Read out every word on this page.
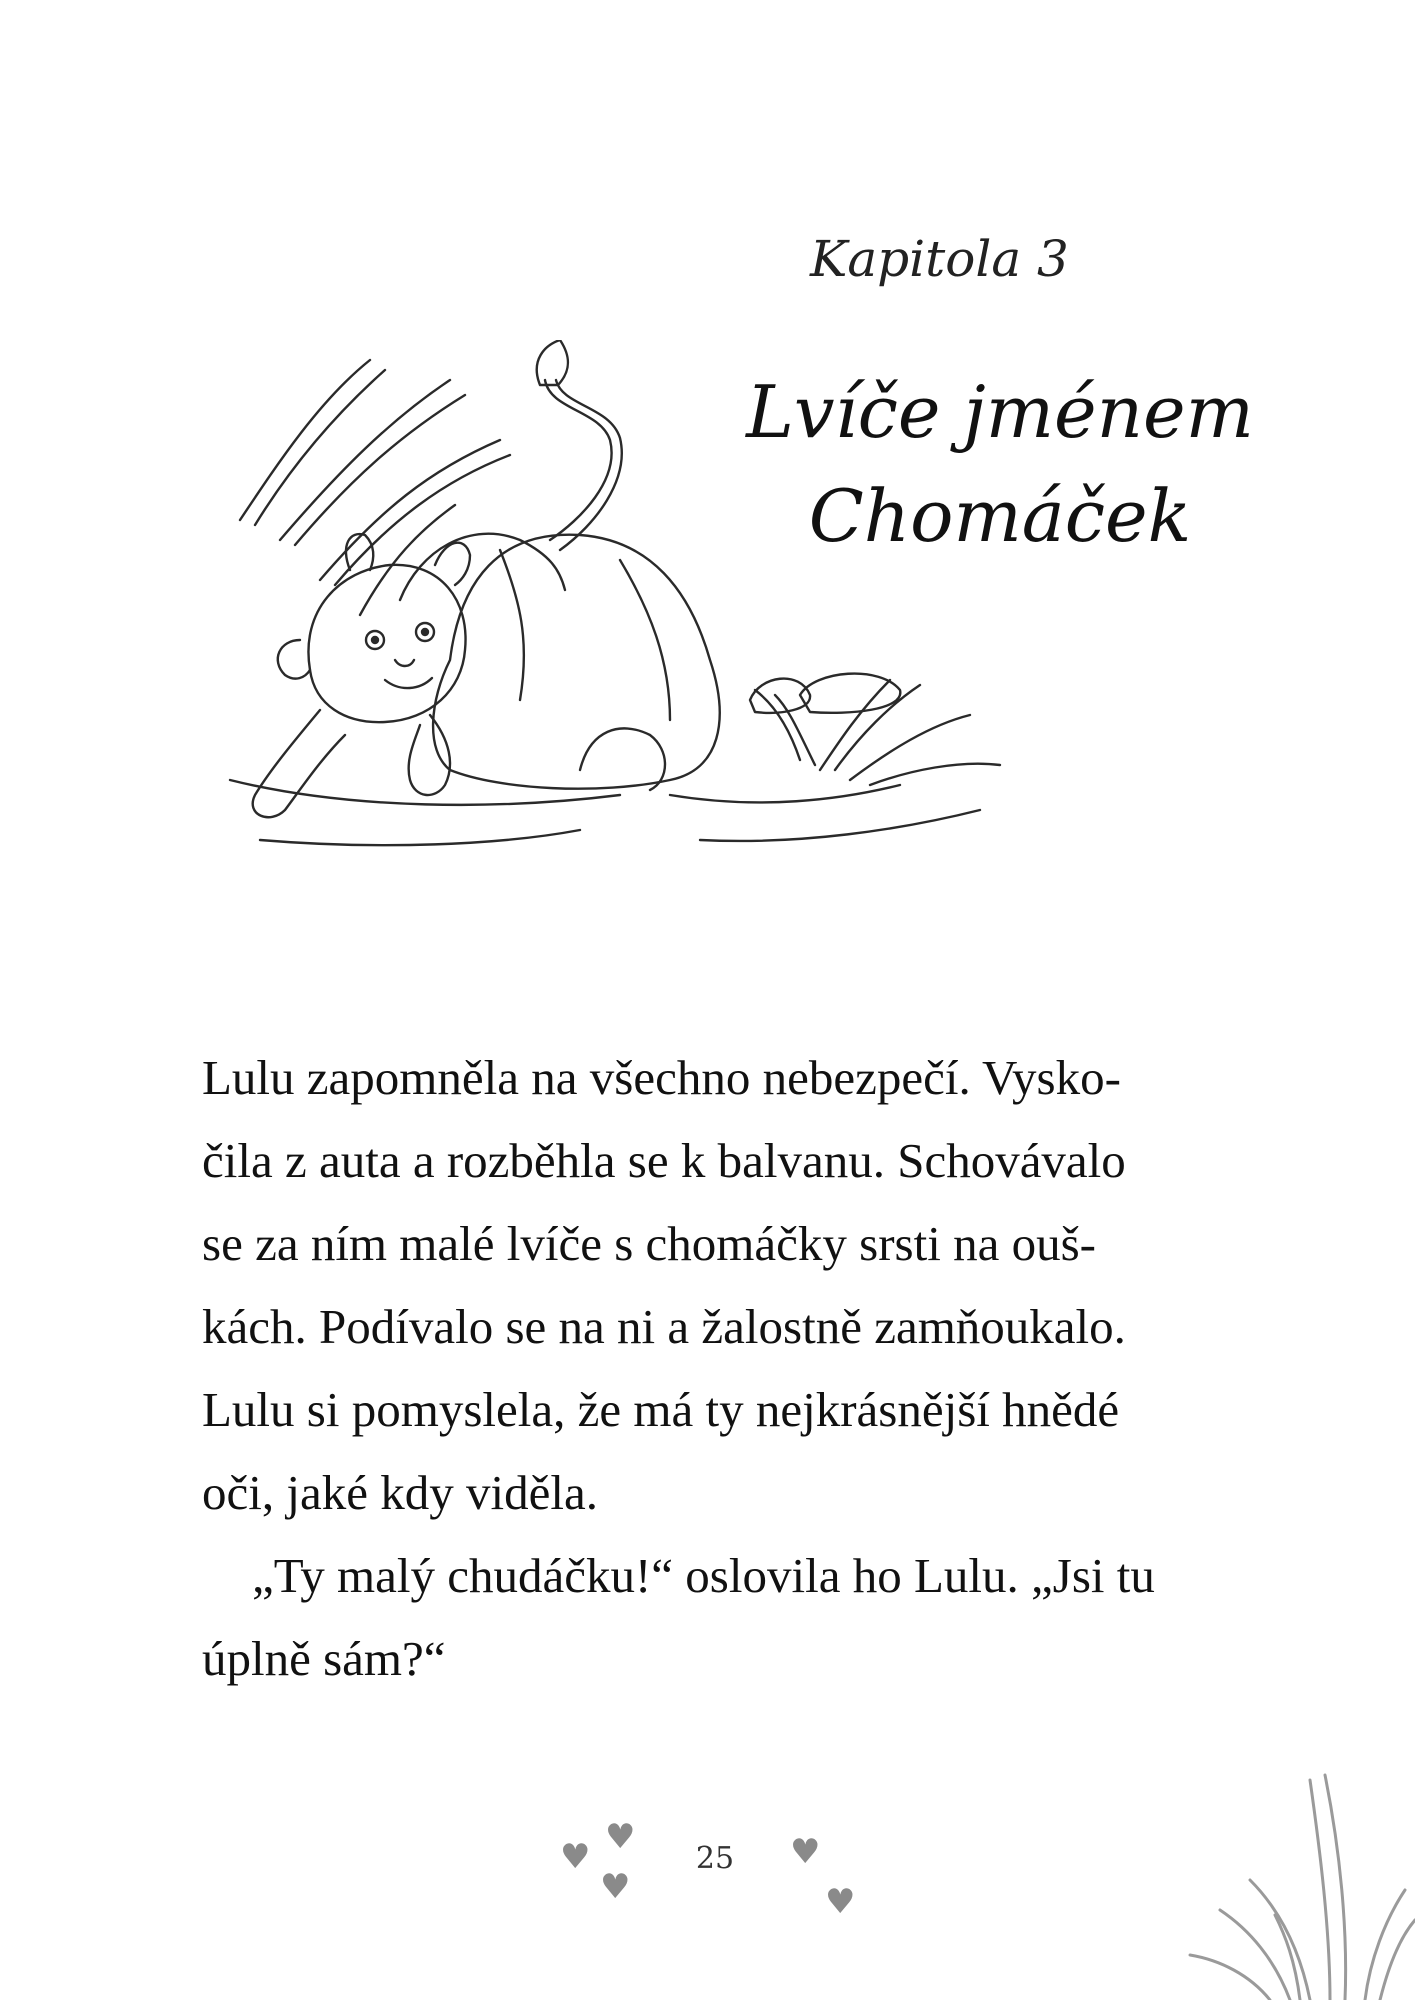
Kapitola 3
Lvíče jménem
Chomáček

Lulu zapomněla na všechno nebezpečí. Vysko-
čila z auta a rozběhla se k balvanu. Schovávalo
se za ním malé lvíče s chomáčky srsti na ouš-
kách. Podívalo se na ni a žalostně zamňoukalo.
Lulu si pomyslela, že má ty nejkrásnější hnědé
oči, jaké kdy viděla.

„Ty malý chudáčku!“ oslovila ho Lulu. „Jsi tu
úplně sám?“

♥ ♥
♥
25 ♥
♥
